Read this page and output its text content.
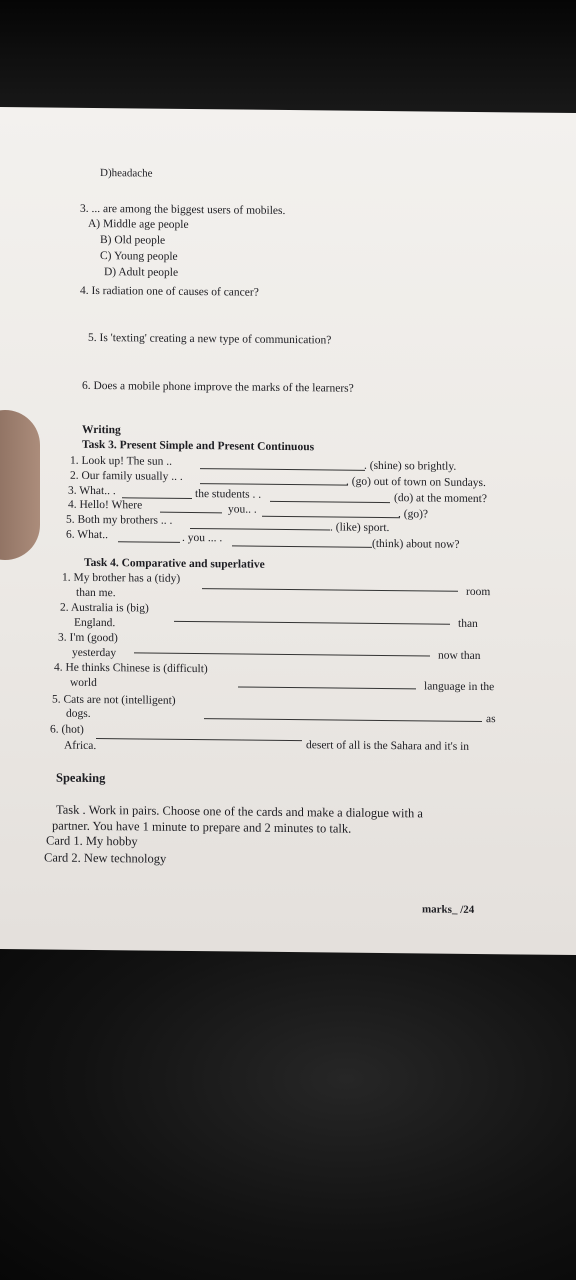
D)headache
3. ... are among the biggest users of mobiles.
A) Middle age people
B) Old people
C) Young people
D) Adult people
4. Is radiation one of causes of cancer?
5. Is 'texting' creating a new type of communication?
6. Does a mobile phone improve the marks of the learners?
Writing
Task 3. Present Simple and Present Continuous
1. Look up! The sun ..	. (shine) so brightly.
2. Our family usually .. .	. (go) out of town on Sundays.
3. What.. .	the students . .	(do) at the moment?
4. Hello! Where	you.. .	. (go)?
5. Both my brothers .. .
. (like) sport.
6. What..	. you ... .	(think) about now?
Task 4. Comparative and superlative
1. My brother has a (tidy)
room
than me.
2. Australia is (big)
than
England.
3. I'm (good)
now than
yesterday
4. He thinks Chinese is (difficult)
language in the
world
5. Cats are not (intelligent)
as
dogs.
6. (hot)
desert of all is the Sahara and it's in
Africa.
Speaking
Task . Work in pairs. Choose one of the cards and make a dialogue with a
partner. You have 1 minute to prepare and 2 minutes to talk.
Card 1. My hobby
Card 2. New technology
marks_ /24
